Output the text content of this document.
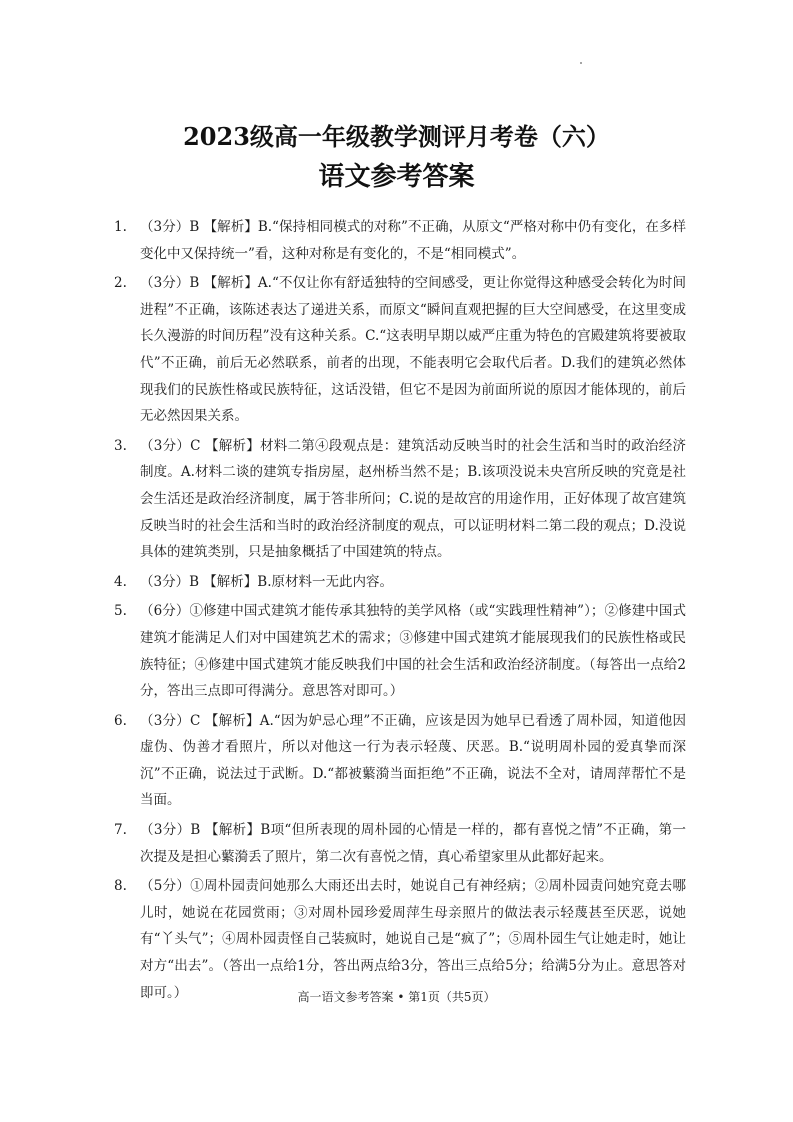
2023级高一年级教学测评月考卷（六）
语文参考答案
1. （3分）B 【解析】B.“保持相同模式的对称”不正确，从原文“严格对称中仍有变化，在多样变化中又保持统一”看，这种对称是有变化的，不是“相同模式”。
2. （3分）B 【解析】A.“不仅让你有舒适独特的空间感受，更让你觉得这种感受会转化为时间进程”不正确，该陈述表达了递进关系，而原文“瞬间直观把握的巨大空间感受，在这里变成长久漫游的时间历程”没有这种关系。C.“这表明早期以威严庄重为特色的宫殿建筑将要被取代”不正确，前后无必然联系，前者的出现，不能表明它会取代后者。D.我们的建筑必然体现我们的民族性格或民族特征，这话没错，但它不是因为前面所说的原因才能体现的，前后无必然因果关系。
3. （3分）C 【解析】材料二第④段观点是：建筑活动反映当时的社会生活和当时的政治经济制度。A.材料二谈的建筑专指房屋，赵州桥当然不是；B.该项没说未央宫所反映的究竟是社会生活还是政治经济制度，属于答非所问；C.说的是故宫的用途作用，正好体现了故宫建筑反映当时的社会生活和当时的政治经济制度的观点，可以证明材料二第二段的观点；D.没说具体的建筑类别，只是抽象概括了中国建筑的特点。
4. （3分）B 【解析】B.原材料一无此内容。
5. （6分）①修建中国式建筑才能传承其独特的美学风格（或“实践理性精神”）；②修建中国式建筑才能满足人们对中国建筑艺术的需求；③修建中国式建筑才能展现我们的民族性格或民族特征；④修建中国式建筑才能反映我们中国的社会生活和政治经济制度。（每答出一点给2分，答出三点即可得满分。意思答对即可。）
6. （3分）C 【解析】A.“因为妒忌心理”不正确，应该是因为她早已看透了周朴园，知道他因虚伪、伪善才看照片，所以对他这一行为表示轻蔑、厌恶。B.“说明周朴园的爱真挚而深沉”不正确，说法过于武断。D.“都被蘩漪当面拒绝”不正确，说法不全对，请周萍帮忙不是当面。
7. （3分）B 【解析】B项“但所表现的周朴园的心情是一样的，都有喜悦之情”不正确，第一次提及是担心蘩漪丢了照片，第二次有喜悦之情，真心希望家里从此都好起来。
8. （5分）①周朴园责问她那么大雨还出去时，她说自己有神经病；②周朴园责问她究竟去哪儿时，她说在花园赏雨；③对周朴园珍爱周萍生母亲照片的做法表示轻蔑甚至厌恶，说她有“丫头气”；④周朴园责怪自己装疯时，她说自己是“疯了”；⑤周朴园生气让她走时，她让对方“出去”。（答出一点给1分，答出两点给3分，答出三点给5分；给满5分为止。意思答对即可。）	高一语文参考答案 • 第1页（共5页）
